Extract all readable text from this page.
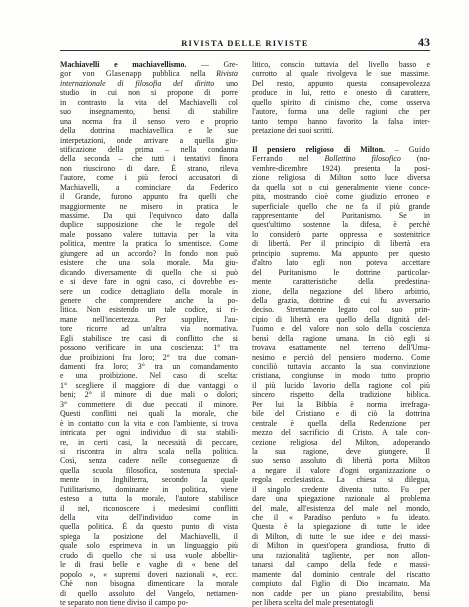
RIVISTA DELLE RIVISTE	43
Machiavelli e machiavellismo. — Gre-
gor von Glasenapp pubblica nella Rivista
internazionale di filosofia del diritto uno
studio in cui non si propone di porre
in contrasto la vita del Machiavelli col
suo insegnamento, bensì di stabilire
una norma fra il senso vero e proprio
della dottrina machiavellica e le sue
interpetazioni, onde arrivare a quella giu-
stificazione della prima – nella condanna
della seconda – che tutti i tentativi finora
non riuscirono di dare. È strano, rileva
l'autore, come i più feroci accusatori di
Machiavelli, a cominciare da Federico
il Grande, furono appunto fra quelli che
maggiormente ne misero in pratica le
massime. Da qui l'equivoco dato dalla
duplice supposizione che le regole del
male possano valere tuttavia per la vita
politica, mentre la pratica lo smentisce. Come
giungere ad un accordo? In fondo non può
esistere che una sola morale. Ma giu-
dicando diversamente di quello che si può
e si deve fare in ogni caso, ci dovrebbe es-
sere un codice dettagliato della morale in
genere che comprendere anche la po-
litica. Non esistendo un tale codice, si ri-
mane nell'incertezza. Per supplire, l'au-
tore ricorre ad un'altra via normativa.
Egli stabilisce tre casi di conflitto che si
possono verificare in una coscienza: 1° tra
due proibizioni fra loro; 2° tra due coman-
damenti fra loro; 3° tra un comandamento
e una proibizione. Nel caso di scelta:
1° scegliere il maggiore di due vantaggi o
beni; 2° il minore di due mali o dolori;
3° commettere di due peccati il minore.
Questi conflitti nei quali la morale, che
è in contatto con la vita e con l'ambiente, si trova
intricata per ogni individuo di sta stabili-
re, in certi casi, la necessità di peccare,
si riscontra in altra scala nella politica.
Così, senza cadere nelle conseguenze di
quella scuola filosofica, sostenuta special-
mente in Inghilterra, secondo la quale
l'utilitarismo, dominante in politica, viene
esteso a tutta la morale, l'autore stabilisce
il nel, riconoscere i medesimi conflitti
della vita dell'individuo come in
quella politica. È da questo punto di vista
spiega la posizione del Machiavelli, il
quale solo esprimeva in un linguaggio più
crudo di quello che si usa vuole abbellir-
le di frasi belle e vaghe di « bene del
popolo », « supremi doveri nazionali », ecc.
Chè non bisogna dimenticare la morale
di quello assoluto del Vangelo, nettamen-
te separato non tiene diviso il campo po-
litico, conscio tuttavia del livello basso e
corrotto al quale rivolgeva le sue massime.
Del resto, appunto questa consapevolezza
produce in lui, retto e onesto di carattere,
quello spirito di cinismo che, come osserva
l'autore, forma una delle ragioni che per
tanto tempo hanno favorito la falsa inter-
pretazione dei suoi scritti.
Il pensiero religioso di Milton. – Guido
Ferrando nel Bollettino filosofico (no-
vembre-dicembre 1924) presenta la posi-
zione religiosa di Milton sotto luce diversa
da quella sot o cui generalmente viene conce-
pita, mostrando cioè come giudizio erroneo e
superficiale quello che ne fa il più grande
rappresentante del Puritanismo. Se in
quest'ultimo sostenne la difesa, è perchè
lo considerò parte oppressa e sostenitrice
di libertà. Per il principio di libertà era
principio supremo. Ma appunto per questo
d'altro lato egli non poteva accettare
del Puritanismo le dottrine particolar-
mente caratteristiche della predestina-
zione, della negazione del libero arbitrio,
della grazia, dottrine di cui fu avversario
deciso. Strettamente legato col suo prin-
cipio di libertà era quello della dignità del-
l'uomo e del valore non solo della coscienza
bensì della ragione umana. In ciò egli si
trovava esattamente nel terreno dell'Uma-
nesimo e perciò del pensiero moderno. Come
conciliò tuttavia accanto la sua convinzione
cristiana, congiunse in modo tutto proprio
il più lucido lavorio della ragione col più
sincero rispetto della tradizione biblica.
Per lui la Bibbia è norma irrefraga-
bile del Cristiano e di ciò la dottrina
centrale è quella della Redenzione per
mezzo del sacrificio di Cristo. A tale con-
cezione religiosa del Milton, adoperando
la sua ragione, deve giungere. Il
suo senso assoluto di libertà porta Milton
a negare il valore d'ogni organizzazione o
regola ecclesiastica. La chiesa si dilegua,
il singolo credente diventa tutto. Fu per
dare una spiegazione razionale al problema
del male, all'esistenza del male nel mondo,
che il « Paradiso perduto » fu ideato.
Questa è la spiegazione di tutte le idee
di Milton, di tutte le sue idee e dei massi-
di Milton in quest'opera grandiosa, frutto di
una razionalità tagliente, per non allon-
tanarsi dal campo della fede e massi-
mamente dal dominio centrale del riscatto
compiuto dal Figlio di Dio incarnato. Ma
non cadde per un piano prestabilito, bensì
per libera scelta del male presentatogli
